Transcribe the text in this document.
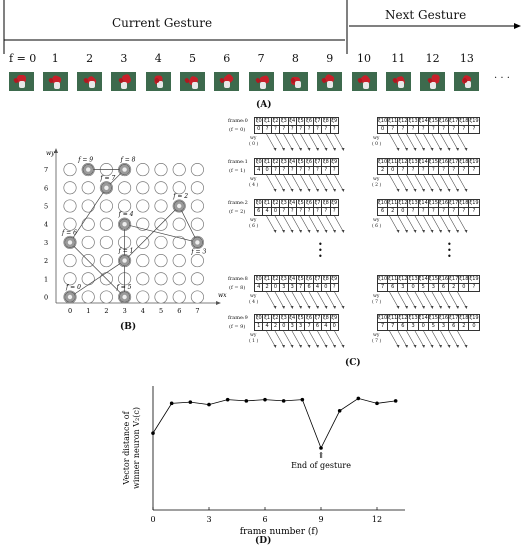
Current Gesture
Next Gesture
f = 0	1	2	3	4	5	6	7	8	9	10	11	12	13
. . .
(A)
wx
wy
0 1 2 3 4 5 6 7
0
1
2
3
4
5
6
7
f = 0
f = 1
f = 2
f = 3
f = 4
f = 5
f = 6
f = 7
f = 8
f = 9
(B)
frame:0
(f = 0)
ξ0	ξ1	ξ2	ξ3	ξ4	ξ5	ξ6	ξ7	ξ8	ξ9
0	?	?	?	?	?	?	?	?	?
wy
( 0 )
ξ10	ξ11	ξ12	ξ13	ξ14	ξ15	ξ16	ξ17	ξ18	ξ19
0	?	?	?	?	?	?	?	?	?
wy
( 0 )
frame:1
(f = 1)
ξ0	ξ1	ξ2	ξ3	ξ4	ξ5	ξ6	ξ7	ξ8	ξ9
4	0	?	?	?	?	?	?	?	?
wy
( 4 )
ξ10	ξ11	ξ12	ξ13	ξ14	ξ15	ξ16	ξ17	ξ18	ξ19
2	0	?	?	?	?	?	?	?	?
wy
( 2 )
frame:2
(f = 2)
ξ0	ξ1	ξ2	ξ3	ξ4	ξ5	ξ6	ξ7	ξ8	ξ9
6	4	0	?	?	?	?	?	?	?
wy
( 6 )
ξ10	ξ11	ξ12	ξ13	ξ14	ξ15	ξ16	ξ17	ξ18	ξ19
6	2	0	?	?	?	?	?	?	?
wy
( 6 )
frame:8
(f = 8)
ξ0	ξ1	ξ2	ξ3	ξ4	ξ5	ξ6	ξ7	ξ8	ξ9
4	2	0	3	3	7	6	4	0	?
wy
( 4 )
ξ10	ξ11	ξ12	ξ13	ξ14	ξ15	ξ16	ξ17	ξ18	ξ19
7	6	3	0	5	3	6	2	0	?
wy
( 7 )
frame:9
(f = 9)
ξ0	ξ1	ξ2	ξ3	ξ4	ξ5	ξ6	ξ7	ξ8	ξ9
1	4	2	0	3	3	7	6	4	0
wy
( 1 )
ξ10	ξ11	ξ12	ξ13	ξ14	ξ15	ξ16	ξ17	ξ18	ξ19
7	7	6	3	0	5	3	6	2	0
wy
( 7 )
•
•
•
•
•
•
(C)
0	3	6	9	12
⇑
End of gesture
frame number (f)
Vector distance of winner neuron V₂(c)
(D)
